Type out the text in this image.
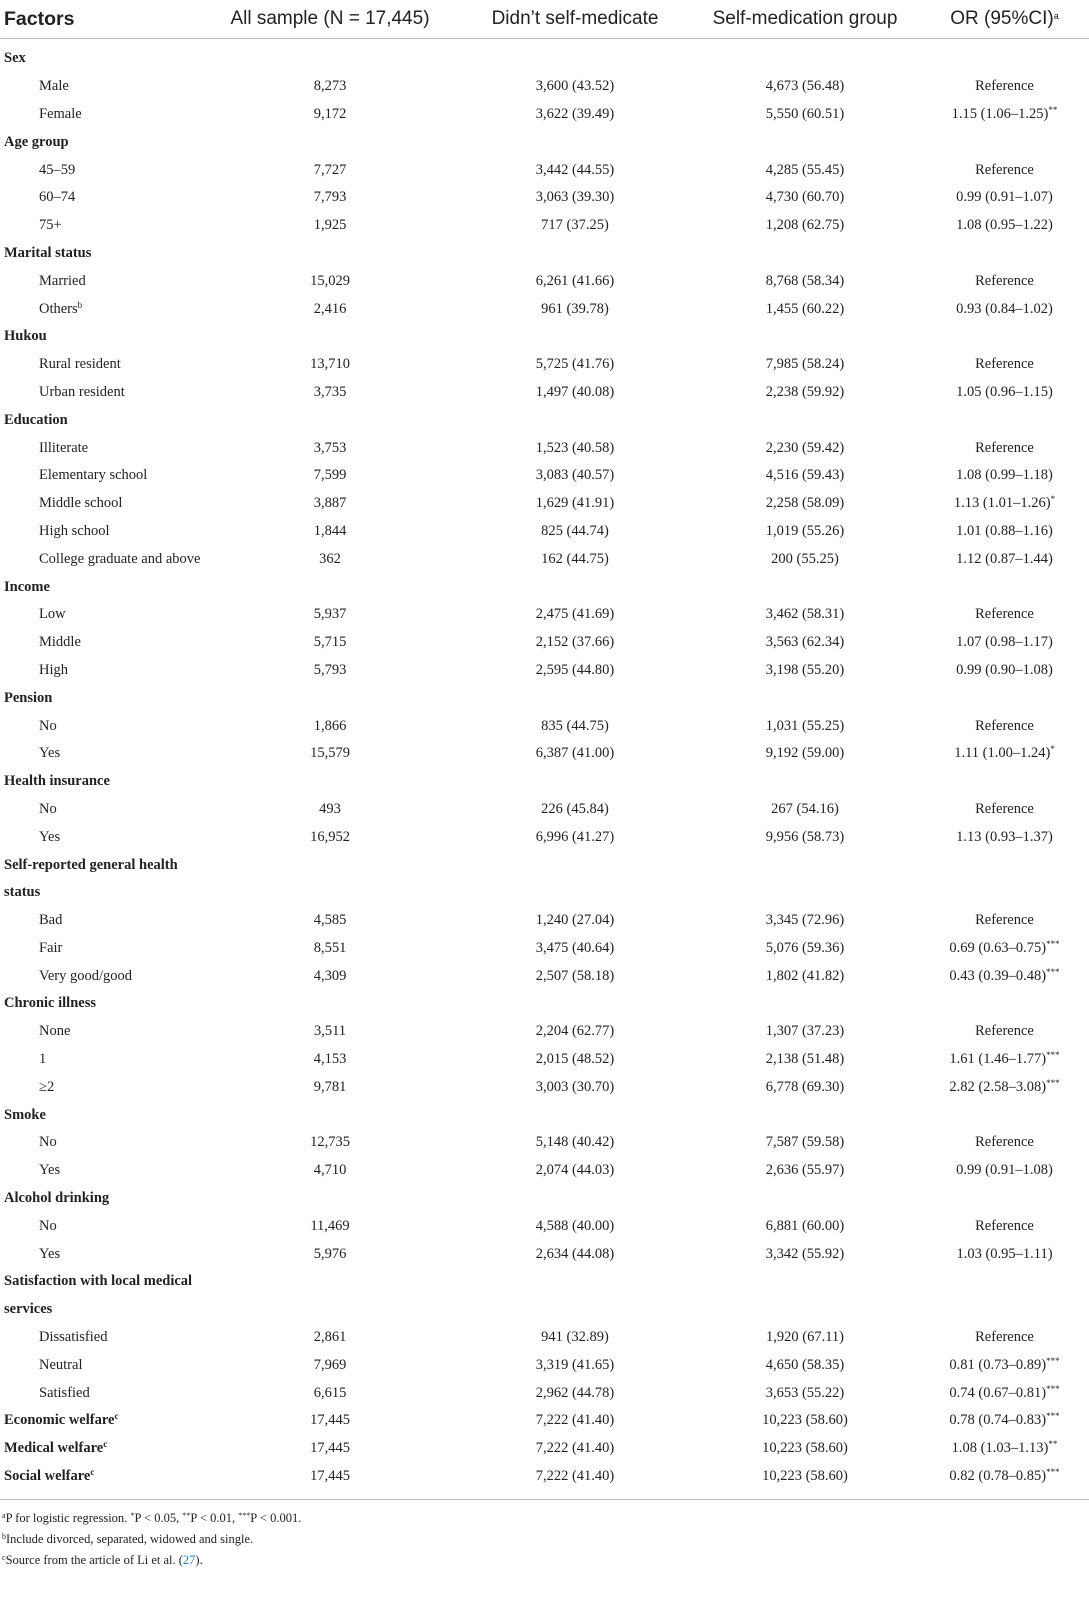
Factors	All sample (N = 17,445)	Didn’t self-medicate	Self-medication group	OR $(95\%CI)^a$
Sex				
Male	8,273	3,600 (43.52)	4,673 (56.48)	Reference
Female	9,172	3,622 (39.49)	5,550 (60.51)	1.15 (1.06–1.25)**
Age group				
45–59	7,727	3,442 (44.55)	4,285 (55.45)	Reference
60–74	7,793	3,063 (39.30)	4,730 (60.70)	0.99 (0.91–1.07)
75+	1,925	717 (37.25)	1,208 (62.75)	1.08 (0.95–1.22)
Marital status				
Married	15,029	6,261 (41.66)	8,768 (58.34)	Reference
Others$^b$	2,416	961 (39.78)	1,455 (60.22)	0.93 (0.84–1.02)
Hukou				
Rural resident	13,710	5,725 (41.76)	7,985 (58.24)	Reference
Urban resident	3,735	1,497 (40.08)	2,238 (59.92)	1.05 (0.96–1.15)
Education				
Illiterate	3,753	1,523 (40.58)	2,230 (59.42)	Reference
Elementary school	7,599	3,083 (40.57)	4,516 (59.43)	1.08 (0.99–1.18)
Middle school	3,887	1,629 (41.91)	2,258 (58.09)	1.13 (1.01–1.26)*
High school	1,844	825 (44.74)	1,019 (55.26)	1.01 (0.88–1.16)
College graduate and above	362	162 (44.75)	200 (55.25)	1.12 (0.87–1.44)
Income				
Low	5,937	2,475 (41.69)	3,462 (58.31)	Reference
Middle	5,715	2,152 (37.66)	3,563 (62.34)	1.07 (0.98–1.17)
High	5,793	2,595 (44.80)	3,198 (55.20)	0.99 (0.90–1.08)
Pension				
No	1,866	835 (44.75)	1,031 (55.25)	Reference
Yes	15,579	6,387 (41.00)	9,192 (59.00)	1.11 (1.00–1.24)*
Health insurance				
No	493	226 (45.84)	267 (54.16)	Reference
Yes	16,952	6,996 (41.27)	9,956 (58.73)	1.13 (0.93–1.37)
Self-reported general health				
status				
Bad	4,585	1,240 (27.04)	3,345 (72.96)	Reference
Fair	8,551	3,475 (40.64)	5,076 (59.36)	0.69 (0.63–0.75)***
Very good/good	4,309	2,507 (58.18)	1,802 (41.82)	0.43 (0.39–0.48)***
Chronic illness				
None	3,511	2,204 (62.77)	1,307 (37.23)	Reference
1	4,153	2,015 (48.52)	2,138 (51.48)	1.61 (1.46–1.77)***
≥2	9,781	3,003 (30.70)	6,778 (69.30)	2.82 (2.58–3.08)***
Smoke				
No	12,735	5,148 (40.42)	7,587 (59.58)	Reference
Yes	4,710	2,074 (44.03)	2,636 (55.97)	0.99 (0.91–1.08)
Alcohol drinking				
No	11,469	4,588 (40.00)	6,881 (60.00)	Reference
Yes	5,976	2,634 (44.08)	3,342 (55.92)	1.03 (0.95–1.11)
Satisfaction with local medical				
services				
Dissatisfied	2,861	941 (32.89)	1,920 (67.11)	Reference
Neutral	7,969	3,319 (41.65)	4,650 (58.35)	0.81 (0.73–0.89)***
Satisfied	6,615	2,962 (44.78)	3,653 (55.22)	0.74 (0.67–0.81)***
Economic welfare$^c$	17,445	7,222 (41.40)	10,223 (58.60)	0.78 (0.74–0.83)***
Medical welfare$^c$	17,445	7,222 (41.40)	10,223 (58.60)	1.08 (1.03–1.13)**
Social welfare$^c$	17,445	7,222 (41.40)	10,223 (58.60)	0.82 (0.78–0.85)***
$^a$P for logistic regression. *P < 0.05, **P < 0.01, ***P < 0.001.
$^b$Include divorced, separated, widowed and single.
$^c$Source from the article of Li et al. (27).
